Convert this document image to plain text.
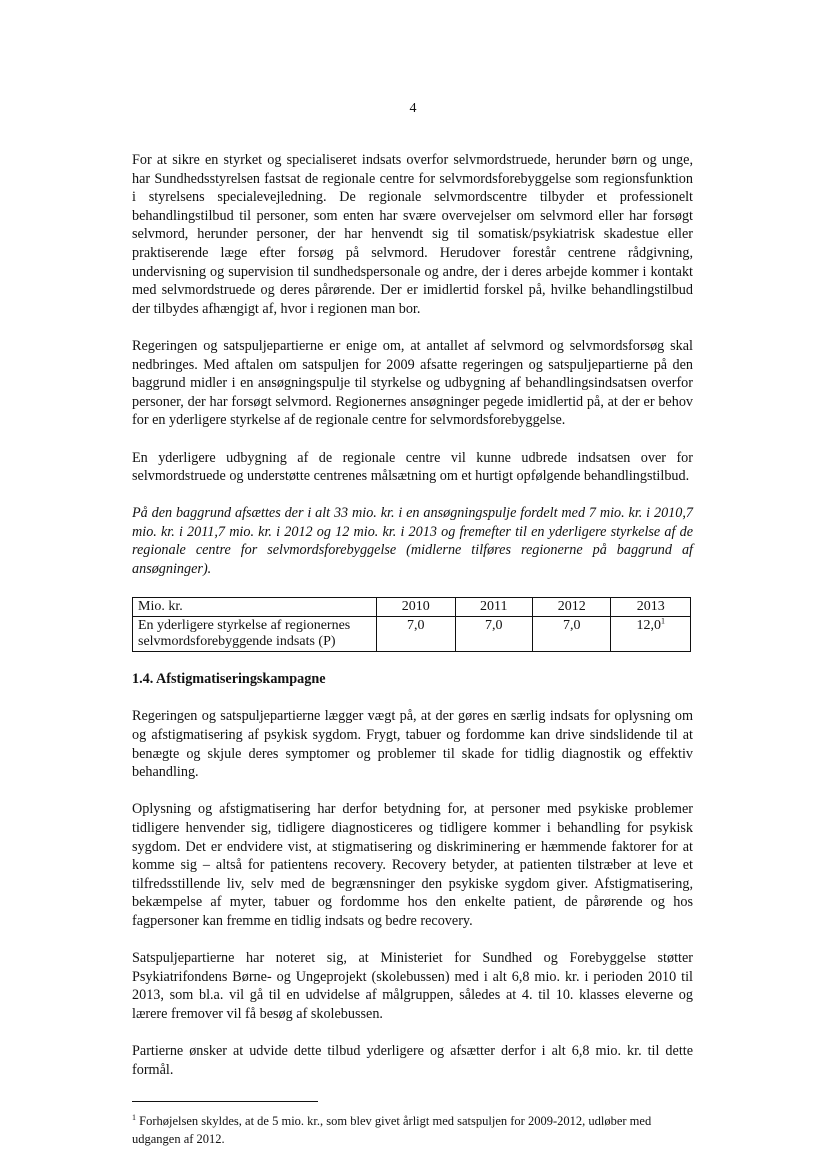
4

For at sikre en styrket og specialiseret indsats overfor selvmordstruede, herunder børn og unge, har Sundhedsstyrelsen fastsat de regionale centre for selvmordsforebyggelse som regionsfunktion i styrelsens specialevejledning. De regionale selvmordscentre tilbyder et professionelt behandlingstilbud til personer, som enten har svære overvejelser om selvmord eller har forsøgt selvmord, herunder personer, der har henvendt sig til somatisk/psykiatrisk skadestue eller praktiserende læge efter forsøg på selvmord. Herudover forestår centrene rådgivning, undervisning og supervision til sundhedspersonale og andre, der i deres arbejde kommer i kontakt med selvmordstruede og deres pårørende. Der er imidlertid forskel på, hvilke behandlingstilbud der tilbydes afhængigt af, hvor i regionen man bor.

Regeringen og satspuljepartierne er enige om, at antallet af selvmord og selvmordsforsøg skal nedbringes. Med aftalen om satspuljen for 2009 afsatte regeringen og satspuljepartierne på den baggrund midler i en ansøgningspulje til styrkelse og udbygning af behandlingsindsatsen overfor personer, der har forsøgt selvmord. Regionernes ansøgninger pegede imidlertid på, at der er behov for en yderligere styrkelse af de regionale centre for selvmordsforebyggelse.

En yderligere udbygning af de regionale centre vil kunne udbrede indsatsen over for selvmordstruede og understøtte centrenes målsætning om et hurtigt opfølgende behandlingstilbud.

På den baggrund afsættes der i alt 33 mio. kr. i en ansøgningspulje fordelt med 7 mio. kr. i 2010,7 mio. kr. i 2011,7 mio. kr. i 2012 og 12 mio. kr. i 2013 og fremefter til en yderligere styrkelse af de regionale centre for selvmordsforebyggelse (midlerne tilføres regionerne på baggrund af ansøgninger).

Mio. kr.	2010	2011	2012	2013
En yderligere styrkelse af regionernes selvmordsforebyggende indsats (P)	7,0	7,0	7,0	12,0$^1$

1.4. Afstigmatiseringskampagne

Regeringen og satspuljepartierne lægger vægt på, at der gøres en særlig indsats for oplysning om og afstigmatisering af psykisk sygdom. Frygt, tabuer og fordomme kan drive sindslidende til at benægte og skjule deres symptomer og problemer til skade for tidlig diagnostik og effektiv behandling.

Oplysning og afstigmatisering har derfor betydning for, at personer med psykiske problemer tidligere henvender sig, tidligere diagnosticeres og tidligere kommer i behandling for psykisk sygdom. Det er endvidere vist, at stigmatisering og diskriminering er hæmmende faktorer for at komme sig – altså for patientens recovery. Recovery betyder, at patienten tilstræber at leve et tilfredsstillende liv, selv med de begrænsninger den psykiske sygdom giver. Afstigmatisering, bekæmpelse af myter, tabuer og fordomme hos den enkelte patient, de pårørende og hos fagpersoner kan fremme en tidlig indsats og bedre recovery.

Satspuljepartierne har noteret sig, at Ministeriet for Sundhed og Forebyggelse støtter Psykiatrifondens Børne- og Ungeprojekt (skolebussen) med i alt 6,8 mio. kr. i perioden 2010 til 2013, som bl.a. vil gå til en udvidelse af målgruppen, således at 4. til 10. klasses eleverne og lærere fremover vil få besøg af skolebussen.

Partierne ønsker at udvide dette tilbud yderligere og afsætter derfor i alt 6,8 mio. kr. til dette formål.

$^1$ Forhøjelsen skyldes, at de 5 mio. kr., som blev givet årligt med satspuljen for 2009-2012, udløber med udgangen af 2012.
